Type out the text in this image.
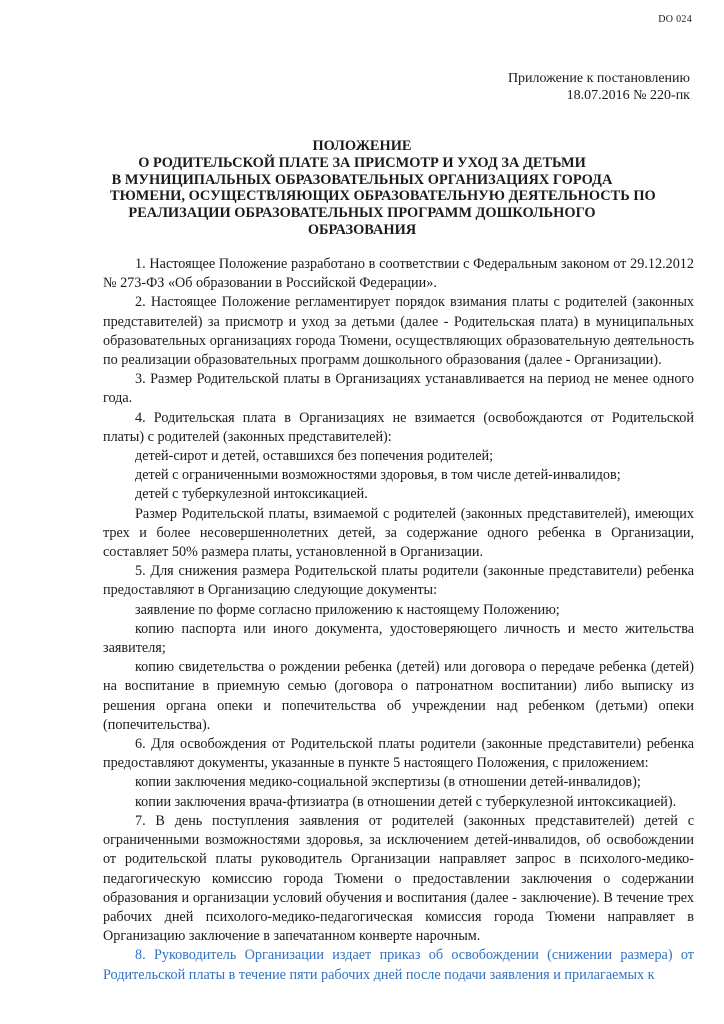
DO 024
Приложение к постановлению
18.07.2016 № 220-пк
ПОЛОЖЕНИЕ
О РОДИТЕЛЬСКОЙ ПЛАТЕ ЗА ПРИСМОТР И УХОД ЗА ДЕТЬМИ
В МУНИЦИПАЛЬНЫХ ОБРАЗОВАТЕЛЬНЫХ ОРГАНИЗАЦИЯХ ГОРОДА
ТЮМЕНИ, ОСУЩЕСТВЛЯЮЩИХ ОБРАЗОВАТЕЛЬНУЮ ДЕЯТЕЛЬНОСТЬ ПО
РЕАЛИЗАЦИИ ОБРАЗОВАТЕЛЬНЫХ ПРОГРАММ ДОШКОЛЬНОГО
ОБРАЗОВАНИЯ

1. Настоящее Положение разработано в соответствии с Федеральным законом от 29.12.2012 № 273-ФЗ «Об образовании в Российской Федерации».

2. Настоящее Положение регламентирует порядок взимания платы с родителей (законных представителей) за присмотр и уход за детьми (далее - Родительская плата) в муниципальных образовательных организациях города Тюмени, осуществляющих образовательную деятельность по реализации образовательных программ дошкольного образования (далее - Организации).

3. Размер Родительской платы в Организациях устанавливается на период не менее одного года.

4. Родительская плата в Организациях не взимается (освобождаются от Родительской платы) с родителей (законных представителей):

детей-сирот и детей, оставшихся без попечения родителей;

детей с ограниченными возможностями здоровья, в том числе детей-инвалидов;

детей с туберкулезной интоксикацией.

Размер Родительской платы, взимаемой с родителей (законных представителей), имеющих трех и более несовершеннолетних детей, за содержание одного ребенка в Организации, составляет 50% размера платы, установленной в Организации.

5. Для снижения размера Родительской платы родители (законные представители) ребенка предоставляют в Организацию следующие документы:

заявление по форме согласно приложению к настоящему Положению;

копию паспорта или иного документа, удостоверяющего личность и место жительства заявителя;

копию свидетельства о рождении ребенка (детей) или договора о передаче ребенка (детей) на воспитание в приемную семью (договора о патронатном воспитании) либо выписку из решения органа опеки и попечительства об учреждении над ребенком (детьми) опеки (попечительства).

6. Для освобождения от Родительской платы родители (законные представители) ребенка предоставляют документы, указанные в пункте 5 настоящего Положения, с приложением:

копии заключения медико-социальной экспертизы (в отношении детей-инвалидов);

копии заключения врача-фтизиатра (в отношении детей с туберкулезной интоксикацией).

7. В день поступления заявления от родителей (законных представителей) детей с ограниченными возможностями здоровья, за исключением детей-инвалидов, об освобождении от родительской платы руководитель Организации направляет запрос в психолого-медико-педагогическую комиссию города Тюмени о предоставлении заключения о содержании образования и организации условий обучения и воспитания (далее - заключение). В течение трех рабочих дней психолого-медико-педагогическая комиссия города Тюмени направляет в Организацию заключение в запечатанном конверте нарочным.

8. Руководитель Организации издает приказ об освобождении (снижении размера) от Родительской платы в течение пяти рабочих дней после подачи заявления и прилагаемых к
